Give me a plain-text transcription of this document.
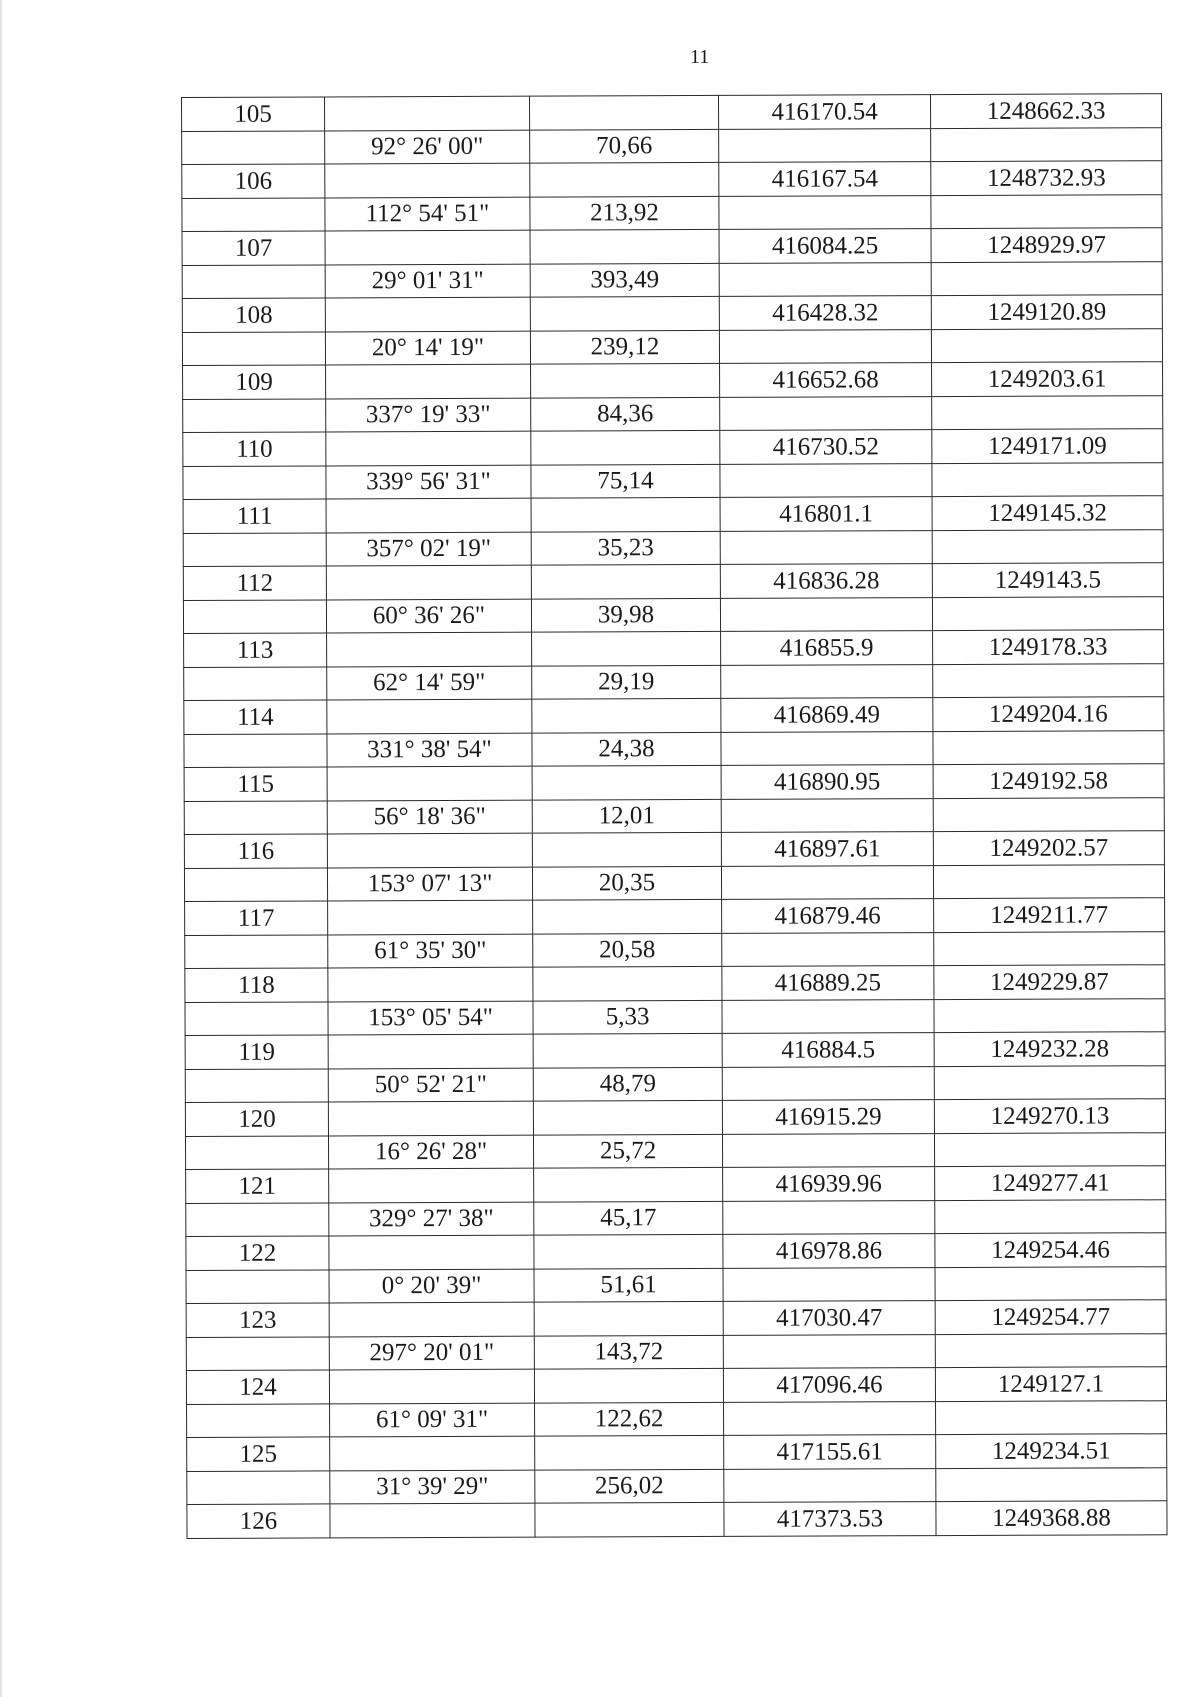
11
105			416170.54	1248662.33
	92° 26' 00"	70,66		
106			416167.54	1248732.93
	112° 54' 51"	213,92		
107			416084.25	1248929.97
	29° 01' 31"	393,49		
108			416428.32	1249120.89
	20° 14' 19"	239,12		
109			416652.68	1249203.61
	337° 19' 33"	84,36		
110			416730.52	1249171.09
	339° 56' 31"	75,14		
111			416801.1	1249145.32
	357° 02' 19"	35,23		
112			416836.28	1249143.5
	60° 36' 26"	39,98		
113			416855.9	1249178.33
	62° 14' 59"	29,19		
114			416869.49	1249204.16
	331° 38' 54"	24,38		
115			416890.95	1249192.58
	56° 18' 36"	12,01		
116			416897.61	1249202.57
	153° 07' 13"	20,35		
117			416879.46	1249211.77
	61° 35' 30"	20,58		
118			416889.25	1249229.87
	153° 05' 54"	5,33		
119			416884.5	1249232.28
	50° 52' 21"	48,79		
120			416915.29	1249270.13
	16° 26' 28"	25,72		
121			416939.96	1249277.41
	329° 27' 38"	45,17		
122			416978.86	1249254.46
	0° 20' 39"	51,61		
123			417030.47	1249254.77
	297° 20' 01"	143,72		
124			417096.46	1249127.1
	61° 09' 31"	122,62		
125			417155.61	1249234.51
	31° 39' 29"	256,02		
126			417373.53	1249368.88
